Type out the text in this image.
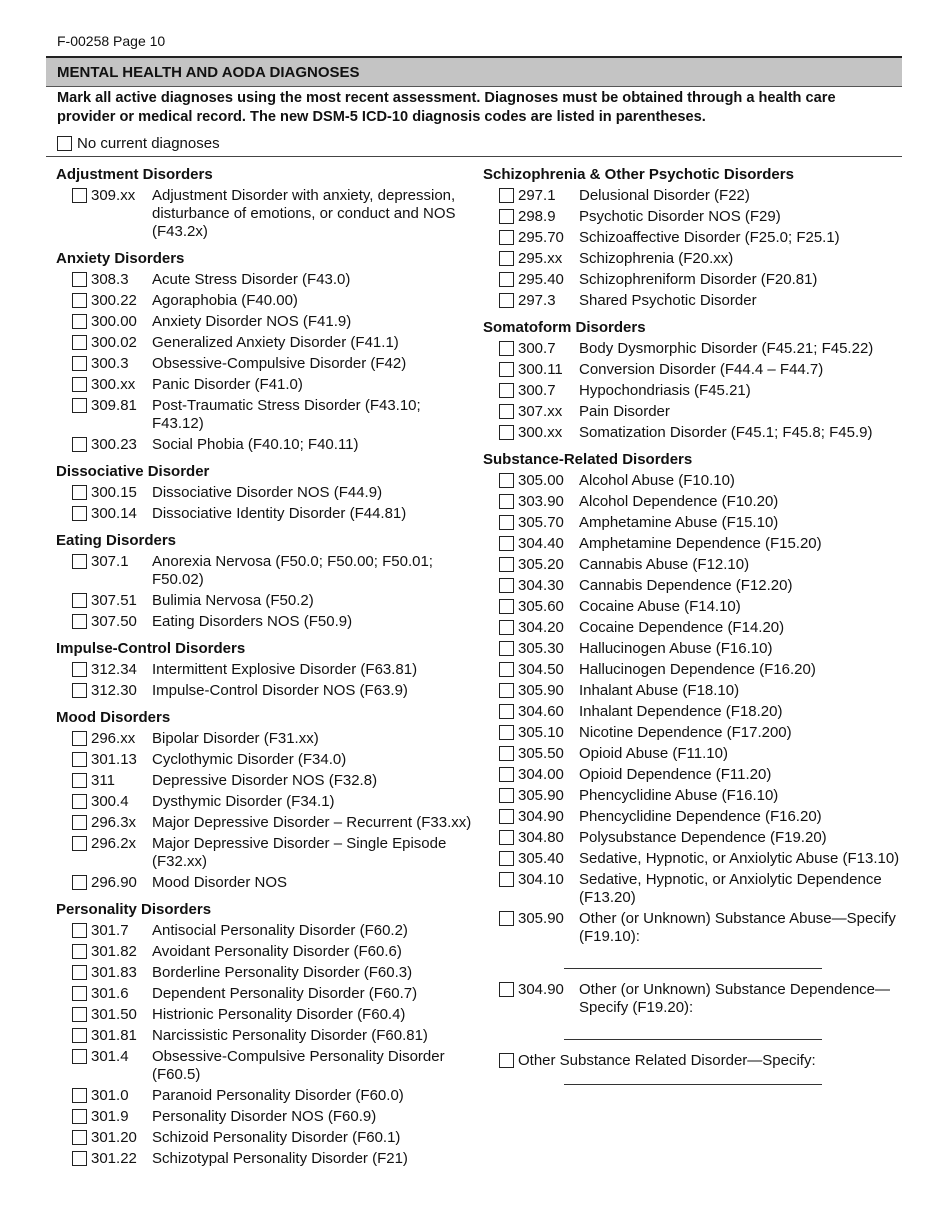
F-00258 Page 10
MENTAL HEALTH AND AODA DIAGNOSES
Mark all active diagnoses using the most recent assessment. Diagnoses must be obtained through a health care provider or medical record. The new DSM-5 ICD-10 diagnosis codes are listed in parentheses.
No current diagnoses
Adjustment Disorders
309.xx	Adjustment Disorder with anxiety, depression, disturbance of emotions, or conduct and NOS (F43.2x)
Anxiety Disorders
308.3	Acute Stress Disorder (F43.0)
300.22	Agoraphobia (F40.00)
300.00	Anxiety Disorder NOS (F41.9)
300.02	Generalized Anxiety Disorder (F41.1)
300.3	Obsessive-Compulsive Disorder (F42)
300.xx	Panic Disorder (F41.0)
309.81	Post-Traumatic Stress Disorder (F43.10; F43.12)
300.23	Social Phobia (F40.10; F40.11)
Dissociative Disorder
300.15	Dissociative Disorder NOS (F44.9)
300.14	Dissociative Identity Disorder (F44.81)
Eating Disorders
307.1	Anorexia Nervosa (F50.0; F50.00; F50.01; F50.02)
307.51	Bulimia Nervosa (F50.2)
307.50	Eating Disorders NOS (F50.9)
Impulse-Control Disorders
312.34	Intermittent Explosive Disorder (F63.81)
312.30	Impulse-Control Disorder NOS (F63.9)
Mood Disorders
296.xx	Bipolar Disorder (F31.xx)
301.13	Cyclothymic Disorder (F34.0)
311	Depressive Disorder NOS (F32.8)
300.4	Dysthymic Disorder (F34.1)
296.3x	Major Depressive Disorder – Recurrent (F33.xx)
296.2x	Major Depressive Disorder – Single Episode (F32.xx)
296.90	Mood Disorder NOS
Personality Disorders
301.7	Antisocial Personality Disorder (F60.2)
301.82	Avoidant Personality Disorder (F60.6)
301.83	Borderline Personality Disorder (F60.3)
301.6	Dependent Personality Disorder (F60.7)
301.50	Histrionic Personality Disorder (F60.4)
301.81	Narcissistic Personality Disorder (F60.81)
301.4	Obsessive-Compulsive Personality Disorder (F60.5)
301.0	Paranoid Personality Disorder (F60.0)
301.9	Personality Disorder NOS (F60.9)
301.20	Schizoid Personality Disorder (F60.1)
301.22	Schizotypal Personality Disorder (F21)
Schizophrenia & Other Psychotic Disorders
297.1	Delusional Disorder (F22)
298.9	Psychotic Disorder NOS (F29)
295.70	Schizoaffective Disorder (F25.0; F25.1)
295.xx	Schizophrenia (F20.xx)
295.40	Schizophreniform Disorder (F20.81)
297.3	Shared Psychotic Disorder
Somatoform Disorders
300.7	Body Dysmorphic Disorder (F45.21; F45.22)
300.11	Conversion Disorder (F44.4 – F44.7)
300.7	Hypochondriasis (F45.21)
307.xx	Pain Disorder
300.xx	Somatization Disorder (F45.1; F45.8; F45.9)
Substance-Related Disorders
305.00	Alcohol Abuse (F10.10)
303.90	Alcohol Dependence (F10.20)
305.70	Amphetamine Abuse (F15.10)
304.40	Amphetamine Dependence (F15.20)
305.20	Cannabis Abuse (F12.10)
304.30	Cannabis Dependence (F12.20)
305.60	Cocaine Abuse (F14.10)
304.20	Cocaine Dependence (F14.20)
305.30	Hallucinogen Abuse (F16.10)
304.50	Hallucinogen Dependence (F16.20)
305.90	Inhalant Abuse (F18.10)
304.60	Inhalant Dependence (F18.20)
305.10	Nicotine Dependence (F17.200)
305.50	Opioid Abuse (F11.10)
304.00	Opioid Dependence (F11.20)
305.90	Phencyclidine Abuse (F16.10)
304.90	Phencyclidine Dependence (F16.20)
304.80	Polysubstance Dependence (F19.20)
305.40	Sedative, Hypnotic, or Anxiolytic Abuse (F13.10)
304.10	Sedative, Hypnotic, or Anxiolytic Dependence (F13.20)
305.90	Other (or Unknown) Substance Abuse—Specify (F19.10):
304.90	Other (or Unknown) Substance Dependence—Specify (F19.20):
Other Substance Related Disorder—Specify:
